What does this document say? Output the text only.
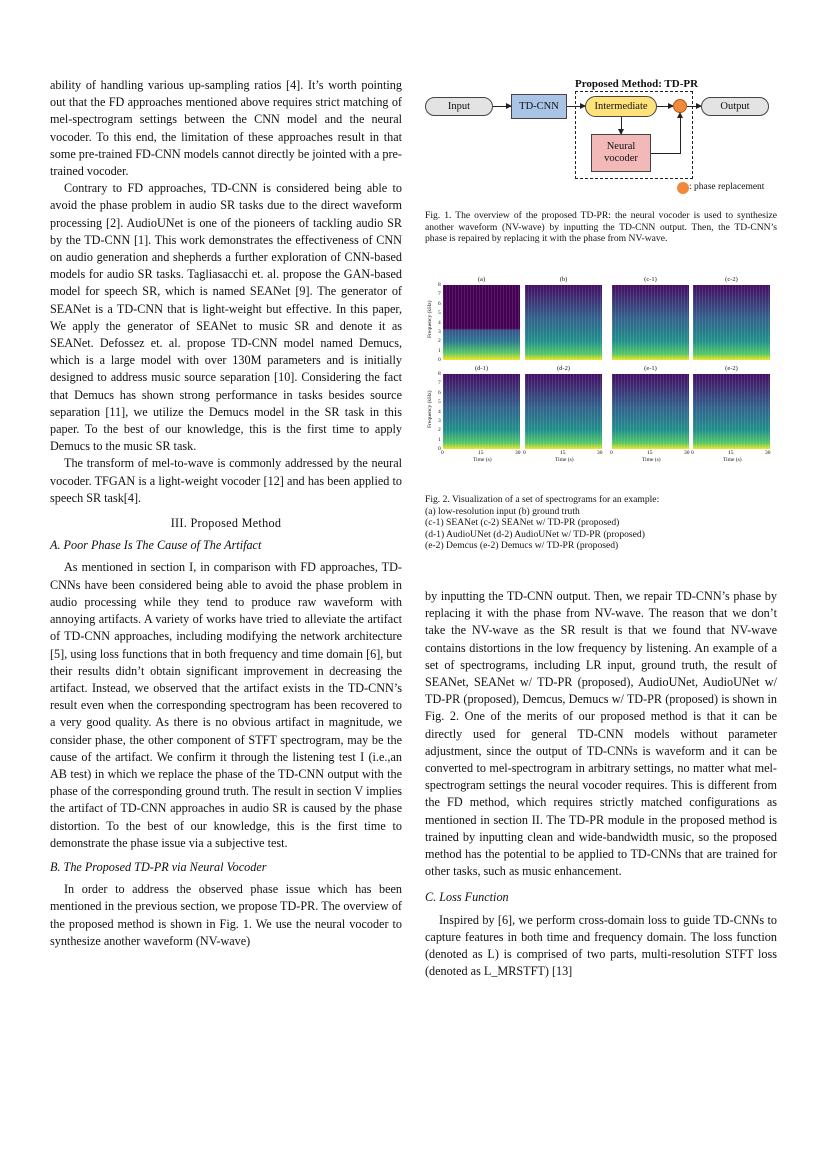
ability of handling various up-sampling ratios [4]. It’s worth pointing out that the FD approaches mentioned above requires strict matching of mel-spectrogram settings between the CNN model and the neural vocoder. To this end, the limitation of these approaches result in that some pre-trained FD-CNN models cannot directly be jointed with a pre-trained vocoder.

Contrary to FD approaches, TD-CNN is considered being able to avoid the phase problem in audio SR tasks due to the direct waveform processing [2]. AudioUNet is one of the pioneers of tackling audio SR by the TD-CNN [1]. This work demonstrates the effectiveness of CNN on audio generation and shepherds a further exploration of CNN-based models for audio SR tasks. Tagliasacchi et. al. propose the GAN-based model for speech SR, which is named SEANet [9]. The generator of SEANet is a TD-CNN that is light-weight but effective. In this paper, We apply the generator of SEANet to music SR and denote it as SEANet. Defossez et. al. propose TD-CNN model named Demucs, which is a large model with over 130M parameters and is initially designed to address music source separation [10]. Considering the fact that Demucs has shown strong performance in tasks besides source separation [11], we utilize the Demucs model in the SR task in this paper. To the best of our knowledge, this is the first time to apply Demucs to the music SR task.

The transform of mel-to-wave is commonly addressed by the neural vocoder. TFGAN is a light-weight vocoder [12] and has been applied to speech SR task[4].

III. Proposed Method
A. Poor Phase Is The Cause of The Artifact

As mentioned in section I, in comparison with FD approaches, TD-CNNs have been considered being able to avoid the phase problem in audio processing while they tend to produce raw waveform with annoying artifacts. A variety of works have tried to alleviate the artifact of TD-CNN approaches, including modifying the network architecture [5], using loss functions that in both frequency and time domain [6], but their results didn’t obtain significant improvement in decreasing the artifact. Instead, we observed that the artifact exists in the TD-CNN’s result even when the corresponding spectrogram has been recovered to a very good quality. As there is no obvious artifact in magnitude, we consider phase, the other component of STFT spectrogram, may be the cause of the artifact. We confirm it through the listening test I (i.e.,an AB test) in which we replace the phase of the TD-CNN output with the phase of the corresponding ground truth. The result in section V implies the artifact of TD-CNN approaches in audio SR is caused by the phase distortion. To the best of our knowledge, this is the first time to demonstrate the phase issue via a subjective test.

B. The Proposed TD-PR via Neural Vocoder

In order to address the observed phase issue which has been mentioned in the previous section, we propose TD-PR. The overview of the proposed method is shown in Fig. 1. We use the neural vocoder to synthesize another waveform (NV-wave)

Proposed Method: TD-PR
Input	TD-CNN	Intermediate	Output
Neural
vocoder
: phase replacement

Fig. 1. The overview of the proposed TD-PR: the neural vocoder is used to synthesize another waveform (NV-wave) by inputting the TD-CNN output. Then, the TD-CNN’s phase is repaired by replacing it with the phase from NV-wave.

(a)	(b)	(c-1)	(c-2)
(d-1)	(d-2)	(e-1)	(e-2)
Frequency (kHz)
Frequency (kHz)
8
7
6
5
4
3
2
1
0
8
7
6
5
4
3
2
1
0
0	15	30
Time (s)
0	15	30
Time (s)
0	15	30
Time (s)
0	15	30
Time (s)

Fig. 2. Visualization of a set of spectrograms for an example:

(a) low-resolution input (b) ground truth

(c-1) SEANet (c-2) SEANet w/ TD-PR (proposed)

(d-1) AudioUNet (d-2) AudioUNet w/ TD-PR (proposed)

(e-2) Demcus (e-2) Demucs w/ TD-PR (proposed)

by inputting the TD-CNN output. Then, we repair TD-CNN’s phase by replacing it with the phase from NV-wave. The reason that we don’t take the NV-wave as the SR result is that we found that NV-wave contains distortions in the low frequency by listening. An example of a set of spectrograms, including LR input, ground truth, the result of SEANet, SEANet w/ TD-PR (proposed), AudioUNet, AudioUNet w/ TD-PR (proposed), Demcus, Demucs w/ TD-PR (proposed) is shown in Fig. 2. One of the merits of our proposed method is that it can be directly used for general TD-CNN models without parameter adjustment, since the output of TD-CNNs is waveform and it can be converted to mel-spectrogram in arbitrary settings, no matter what mel-spectrogram settings the neural vocoder requires. This is different from the FD method, which requires strictly matched configurations as mentioned in section II. The TD-PR module in the proposed method is trained by inputting clean and wide-bandwidth music, so the proposed method has the potential to be applied to TD-CNNs that are trained for other tasks, such as music enhancement.

C. Loss Function

Inspired by [6], we perform cross-domain loss to guide TD-CNNs to capture features in both time and frequency domain. The loss function (denoted as L) is comprised of two parts, multi-resolution STFT loss (denoted as L_MRSTFT) [13]
